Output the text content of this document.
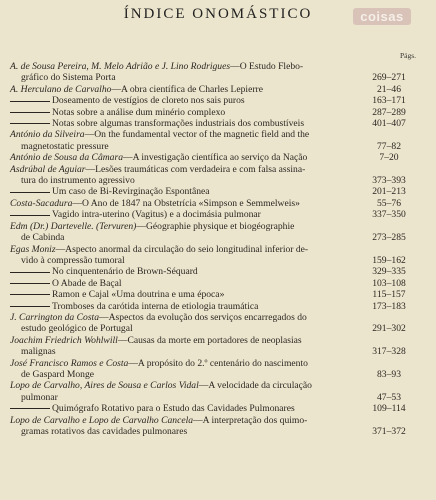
ÍNDICE ONOMÁSTICO	coisas
Págs.
A. de Sousa Pereira, M. Melo Adrião e J. Lino Rodrigues—O Estudo Flebo-
gráfico do Sistema Porta	269–271
A. Herculano de Carvalho—A obra científica de Charles Lepierre	21–46
Doseamento de vestígios de cloreto nos sais puros	163–171
Notas sobre a análise dum minério complexo	287–289
Notas sobre algumas transformações industriais dos combustíveis	401–407
António da Silveira—On the fundamental vector of the magnetic field and the
magnetostatic pressure	77–82
António de Sousa da Câmara—A investigação científica ao serviço da Nação	7–20
Asdrúbal de Aguiar—Lesões traumáticas com verdadeira e com falsa assina-
tura do instrumento agressivo	373–393
Um caso de Bi-Revirginação Espontânea	201–213
Costa-Sacadura—O Ano de 1847 na Obstetrícia «Simpson e Semmelweis»	55–76
Vagido intra-uterino (Vagitus) e a docimásia pulmonar	337–350
Edm (Dr.) Dartevelle. (Tervuren)—Géographie physique et biogéographie
de Cabinda	273–285
Egas Moniz—Aspecto anormal da circulação do seio longitudinal inferior de-
vido à compressão tumoral	159–162
No cinquentenário de Brown-Séquard	329–335
O Abade de Baçal	103–108
Ramon e Cajal «Uma doutrina e uma época»	115–157
Tromboses da carótida interna de etiologia traumática	173–183
J. Carrington da Costa—Aspectos da evolução dos serviços encarregados do
estudo geológico de Portugal	291–302
Joachim Friedrich Wohlwill—Causas da morte em portadores de neoplasias
malignas	317–328
José Francisco Ramos e Costa—A propósito do 2.º centenário do nascimento
de Gaspard Monge	83–93
Lopo de Carvalho, Aires de Sousa e Carlos Vidal—A velocidade da circulação
pulmonar	47–53
Quimógrafo Rotativo para o Estudo das Cavidades Pulmonares	109–114
Lopo de Carvalho e Lopo de Carvalho Cancela—A interpretação dos quimo-
gramas rotativos das cavidades pulmonares	371–372
